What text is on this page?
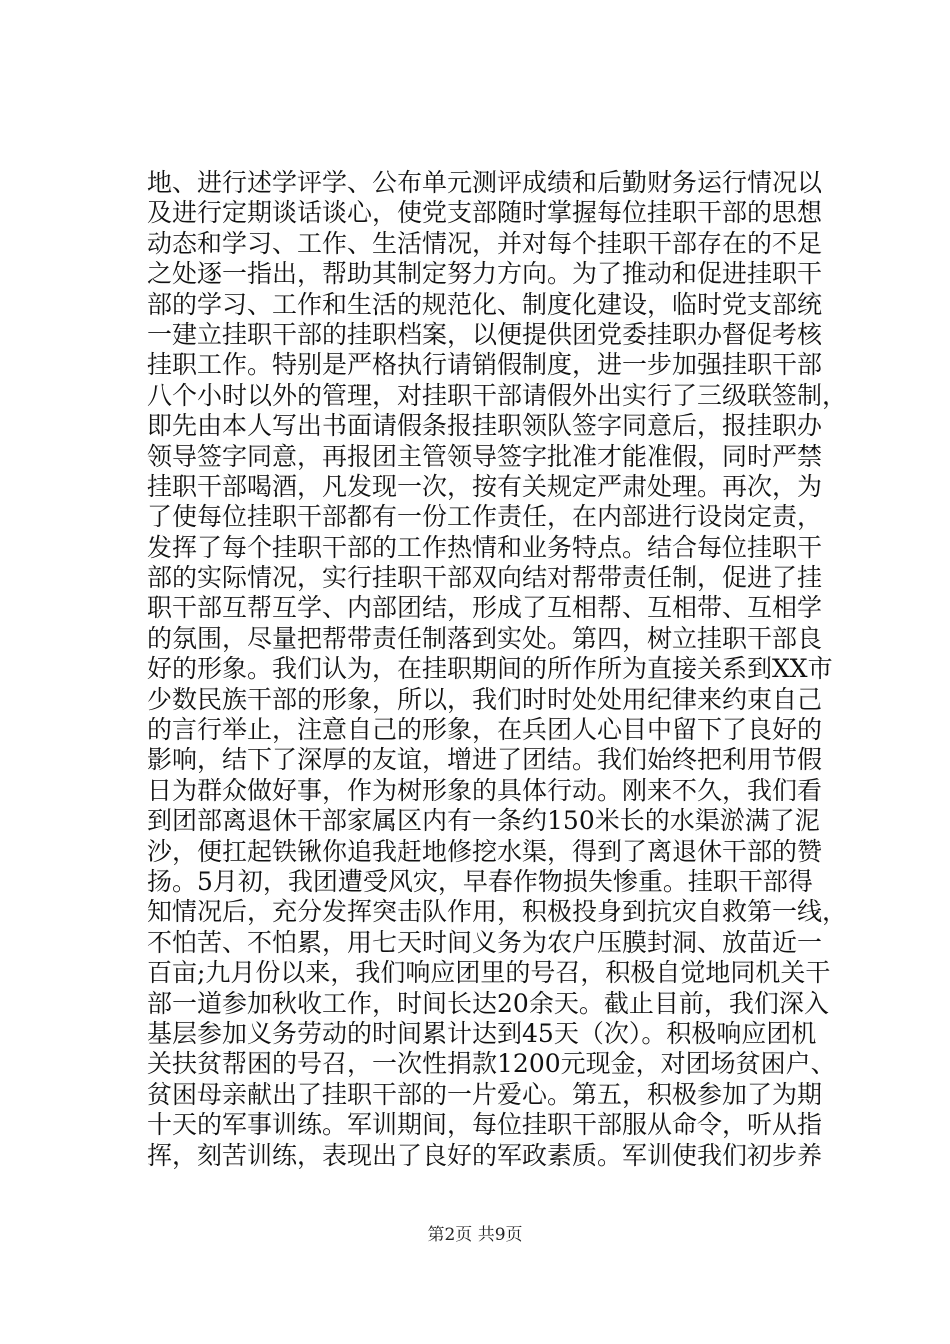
地、进行述学评学、公布单元测评成绩和后勤财务运行情况以
及进行定期谈话谈心，使党支部随时掌握每位挂职干部的思想
动态和学习、工作、生活情况，并对每个挂职干部存在的不足
之处逐一指出，帮助其制定努力方向。为了推动和促进挂职干
部的学习、工作和生活的规范化、制度化建设，临时党支部统
一建立挂职干部的挂职档案，以便提供团党委挂职办督促考核
挂职工作。特别是严格执行请销假制度，进一步加强挂职干部
八个小时以外的管理，对挂职干部请假外出实行了三级联签制，
即先由本人写出书面请假条报挂职领队签字同意后，报挂职办
领导签字同意，再报团主管领导签字批准才能准假，同时严禁
挂职干部喝酒，凡发现一次，按有关规定严肃处理。再次，为
了使每位挂职干部都有一份工作责任，在内部进行设岗定责，
发挥了每个挂职干部的工作热情和业务特点。结合每位挂职干
部的实际情况，实行挂职干部双向结对帮带责任制，促进了挂
职干部互帮互学、内部团结，形成了互相帮、互相带、互相学
的氛围，尽量把帮带责任制落到实处。第四，树立挂职干部良
好的形象。我们认为，在挂职期间的所作所为直接关系到XX市
少数民族干部的形象，所以，我们时时处处用纪律来约束自己
的言行举止，注意自己的形象，在兵团人心目中留下了良好的
影响，结下了深厚的友谊，增进了团结。我们始终把利用节假
日为群众做好事，作为树形象的具体行动。刚来不久，我们看
到团部离退休干部家属区内有一条约150米长的水渠淤满了泥
沙，便扛起铁锹你追我赶地修挖水渠，得到了离退休干部的赞
扬。5月初，我团遭受风灾，早春作物损失惨重。挂职干部得
知情况后，充分发挥突击队作用，积极投身到抗灾自救第一线，
不怕苦、不怕累，用七天时间义务为农户压膜封洞、放苗近一
百亩;九月份以来，我们响应团里的号召，积极自觉地同机关干
部一道参加秋收工作，时间长达20余天。截止目前，我们深入
基层参加义务劳动的时间累计达到45天（次）。积极响应团机
关扶贫帮困的号召，一次性捐款1200元现金，对团场贫困户、
贫困母亲献出了挂职干部的一片爱心。第五，积极参加了为期
十天的军事训练。军训期间，每位挂职干部服从命令，听从指
挥，刻苦训练，表现出了良好的军政素质。军训使我们初步养
第2页 共9页
